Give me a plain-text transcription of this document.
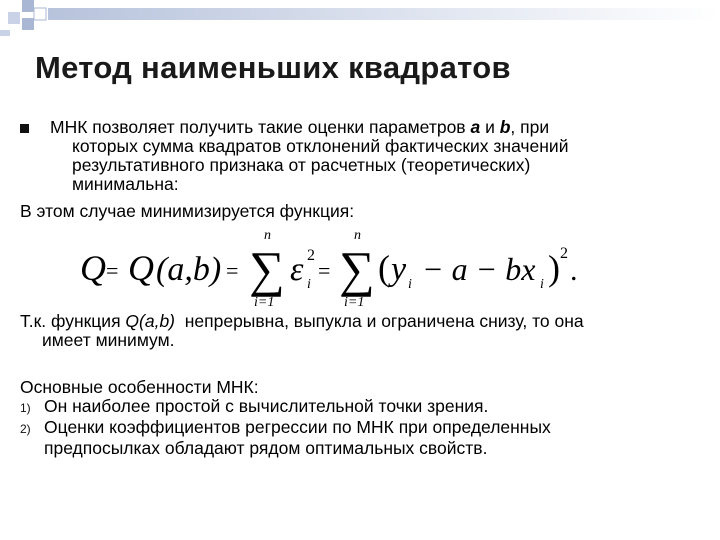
Метод наименьших квадратов
МНК позволяет получить такие оценки параметров a и b, при
которых сумма квадратов отклонений фактических значений
результативного признака от расчетных (теоретических)
минимальна:

В этом случае минимизируется функция:

Q = Q (a,b) =
n
∑
i=1
ε i
2
=
n
∑
i=1
( y i − a − bx i ) 2
.
Т.к. функция Q(a,b)  непрерывна, выпукла и ограничена снизу, то она
имеет минимум.
Основные особенности МНК:
1) Он наиболее простой с вычислительной точки зрения.
2) Оценки коэффициентов регрессии по МНК при определенных
предпосылках обладают рядом оптимальных свойств.
